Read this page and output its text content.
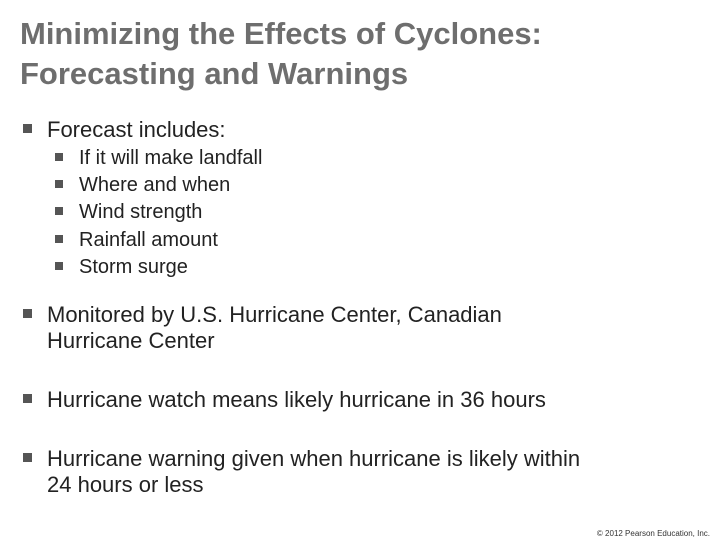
Minimizing the Effects of Cyclones:
Forecasting and Warnings
Forecast includes:
If it will make landfall
Where and when
Wind strength
Rainfall amount
Storm surge
Monitored by U.S. Hurricane Center, Canadian
Hurricane Center
Hurricane watch means likely hurricane in 36 hours
Hurricane warning given when hurricane is likely within
24 hours or less
© 2012 Pearson Education, Inc.
